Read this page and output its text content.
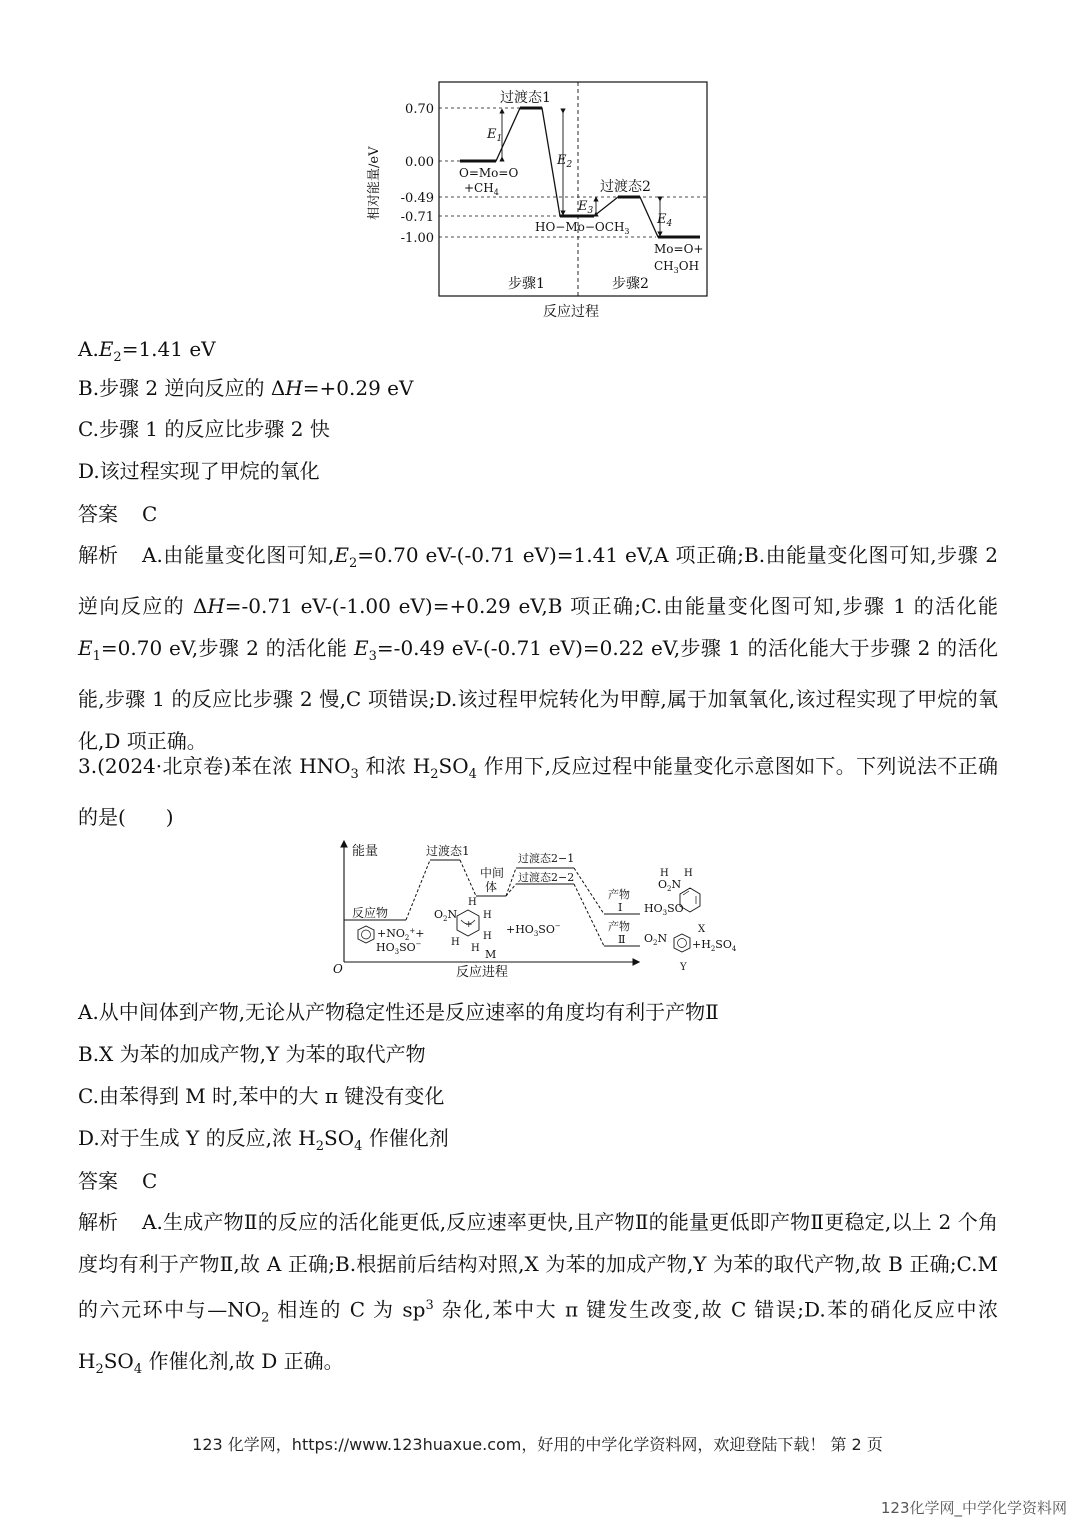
0.70
0.00
-0.49
-0.71
-1.00
相对能量/eV
$E_1$
$E_2$
$E_3$
$E_4$
过渡态1
过渡态2
O=Mo=O
$+CH_4$
$HO-Mo-OCH_3$
Mo=O+
$CH_3OH$
步骤1	步骤2
反应过程
$A.E_2=1.41$ eV
B.步骤 2 逆向反应的 ΔH=+0.29 eV
C.步骤 1 的反应比步骤 2 快
D.该过程实现了甲烷的氧化
答案 C

解析 A.由能量变化图可知$,E_2=0.70$ eV-(-0.71 eV)=1.41 eV,A 项正确;B.由能量变化图可知,步骤 2 逆向反应的 ΔH=-0.71 eV-(-1.00 eV)=+0.29 eV,B 项正确;C.由能量变化图可知,步骤 1 的活化能 $E_1=0.70$ eV,步骤 2 的活化能 $E_3=-0.49$ eV-(-0.71 eV)=0.22 eV,步骤 1 的活化能大于步骤 2 的活化能,步骤 1 的反应比步骤 2 慢,C 项错误;D.该过程甲烷转化为甲醇,属于加氧氧化,该过程实现了甲烷的氧化,D 项正确。

3.(2024·北京卷)苯在浓 $HNO_3$ 和浓 $H_2SO_4$ 作用下,反应过程中能量变化示意图如下。下列说法不正确的是(　　)

能量
O	反应进程
反应物
过渡态1
中间
体
过渡态2−1
过渡态2−2
产物
Ⅰ
产物
Ⅱ
$+NO_2^++$
$HO_3SO^-$
$O_2N$
+
H
H
H
H
H M
$+HO_3SO^-$
H H
$O_2N$
$HO_3SO$
X
$O_2N +H_2SO_4$
Y
A.从中间体到产物,无论从产物稳定性还是反应速率的角度均有利于产物Ⅱ
B.X 为苯的加成产物,Y 为苯的取代产物
C.由苯得到 M 时,苯中的大 π 键没有变化
D.对于生成 Y 的反应,浓 $H_2SO_4$ 作催化剂
答案 C

解析 A.生成产物Ⅱ的反应的活化能更低,反应速率更快,且产物Ⅱ的能量更低即产物Ⅱ更稳定,以上 2 个角度均有利于产物Ⅱ,故 A 正确;B.根据前后结构对照,X 为苯的加成产物,Y 为苯的取代产物,故 B 正确;C.M 的六元环中与$—NO_2$ 相连的 C 为 $sp^3$ 杂化,苯中大 π 键发生改变,故 C 错误;D.苯的硝化反应中浓 $H_2SO_4$ 作催化剂,故 D 正确。

123 化学网，https://www.123huaxue.com，好用的中学化学资料网，欢迎登陆下载！ 第 2 页
123化学网_中学化学资料网
